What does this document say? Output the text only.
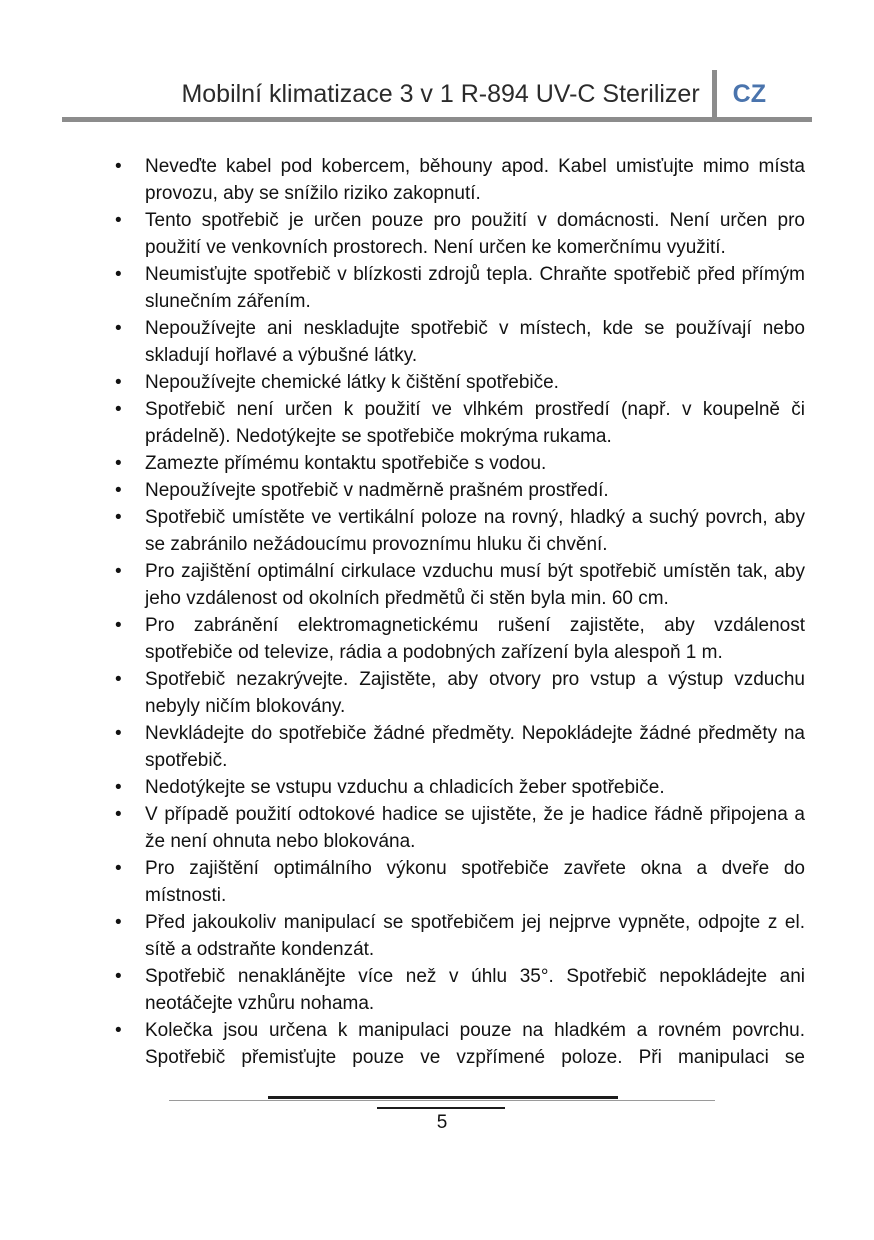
Mobilní klimatizace 3 v 1 R-894 UV-C Sterilizer CZ
• Neveďte kabel pod kobercem, běhouny apod. Kabel umisťujte mimo místa provozu, aby se snížilo riziko zakopnutí.
• Tento spotřebič je určen pouze pro použití v domácnosti. Není určen pro použití ve venkovních prostorech. Není určen ke komerčnímu využití.
• Neumisťujte spotřebič v blízkosti zdrojů tepla. Chraňte spotřebič před přímým slunečním zářením.
• Nepoužívejte ani neskladujte spotřebič v místech, kde se používají nebo skladují hořlavé a výbušné látky.
• Nepoužívejte chemické látky k čištění spotřebiče.
• Spotřebič není určen k použití ve vlhkém prostředí (např. v koupelně či prádelně). Nedotýkejte se spotřebiče mokrýma rukama.
• Zamezte přímému kontaktu spotřebiče s vodou.
• Nepoužívejte spotřebič v nadměrně prašném prostředí.
• Spotřebič umístěte ve vertikální poloze na rovný, hladký a suchý povrch, aby se zabránilo nežádoucímu provoznímu hluku či chvění.
• Pro zajištění optimální cirkulace vzduchu musí být spotřebič umístěn tak, aby jeho vzdálenost od okolních předmětů či stěn byla min. 60 cm.
• Pro zabránění elektromagnetickému rušení zajistěte, aby vzdálenost spotřebiče od televize, rádia a podobných zařízení byla alespoň 1 m.
• Spotřebič nezakrývejte. Zajistěte, aby otvory pro vstup a výstup vzduchu nebyly ničím blokovány.
• Nevkládejte do spotřebiče žádné předměty. Nepokládejte žádné předměty na spotřebič.
• Nedotýkejte se vstupu vzduchu a chladicích žeber spotřebiče.
• V případě použití odtokové hadice se ujistěte, že je hadice řádně připojena a že není ohnuta nebo blokována.
• Pro zajištění optimálního výkonu spotřebiče zavřete okna a dveře do místnosti.
• Před jakoukoliv manipulací se spotřebičem jej nejprve vypněte, odpojte z el. sítě a odstraňte kondenzát.
• Spotřebič nenaklánějte více než v úhlu 35°. Spotřebič nepokládejte ani neotáčejte vzhůru nohama.
• Kolečka jsou určena k manipulaci pouze na hladkém a rovném povrchu. Spotřebič přemisťujte pouze ve vzpřímené poloze. Při manipulaci se
5
